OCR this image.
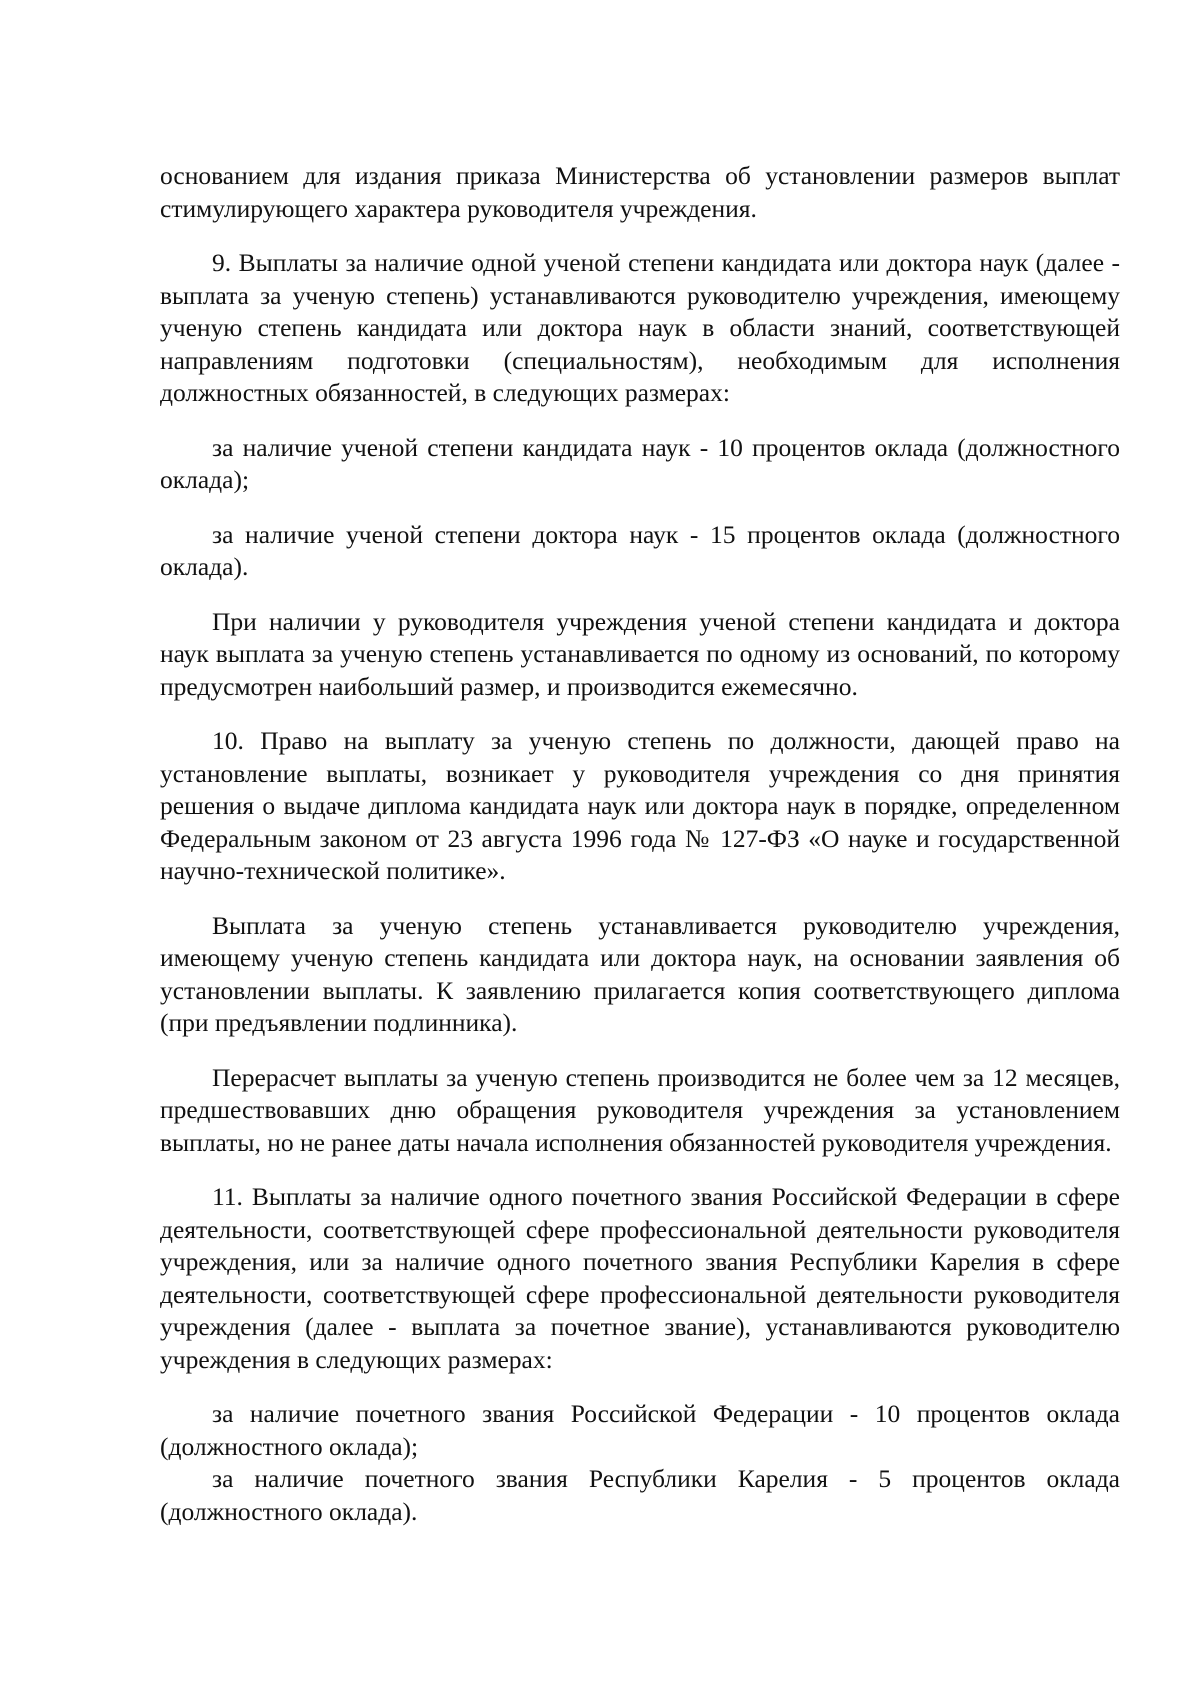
основанием для издания приказа Министерства об установлении размеров выплат стимулирующего характера руководителя учреждения.

9. Выплаты за наличие одной ученой степени кандидата или доктора наук (далее - выплата за ученую степень) устанавливаются руководителю учреждения, имеющему ученую степень кандидата или доктора наук в области знаний, соответствующей направлениям подготовки (специальностям), необходимым для исполнения должностных обязанностей, в следующих размерах:

за наличие ученой степени кандидата наук - 10 процентов оклада (должностного оклада);

за наличие ученой степени доктора наук - 15 процентов оклада (должностного оклада).

При наличии у руководителя учреждения ученой степени кандидата и доктора наук выплата за ученую степень устанавливается по одному из оснований, по которому предусмотрен наибольший размер, и производится ежемесячно.

10. Право на выплату за ученую степень по должности, дающей право на установление выплаты, возникает у руководителя учреждения со дня принятия решения о выдаче диплома кандидата наук или доктора наук в порядке, определенном Федеральным законом от 23 августа 1996 года № 127-ФЗ «О науке и государственной научно-технической политике».

Выплата за ученую степень устанавливается руководителю учреждения, имеющему ученую степень кандидата или доктора наук, на основании заявления об установлении выплаты. К заявлению прилагается копия соответствующего диплома (при предъявлении подлинника).

Перерасчет выплаты за ученую степень производится не более чем за 12 месяцев, предшествовавших дню обращения руководителя учреждения за установлением выплаты, но не ранее даты начала исполнения обязанностей руководителя учреждения.

11. Выплаты за наличие одного почетного звания Российской Федерации в сфере деятельности, соответствующей сфере профессиональной деятельности руководителя учреждения, или за наличие одного почетного звания Республики Карелия в сфере деятельности, соответствующей сфере профессиональной деятельности руководителя учреждения (далее - выплата за почетное звание), устанавливаются руководителю учреждения в следующих размерах:

за наличие почетного звания Российской Федерации - 10 процентов оклада (должностного оклада);

за наличие почетного звания Республики Карелия - 5 процентов оклада (должностного оклада).
